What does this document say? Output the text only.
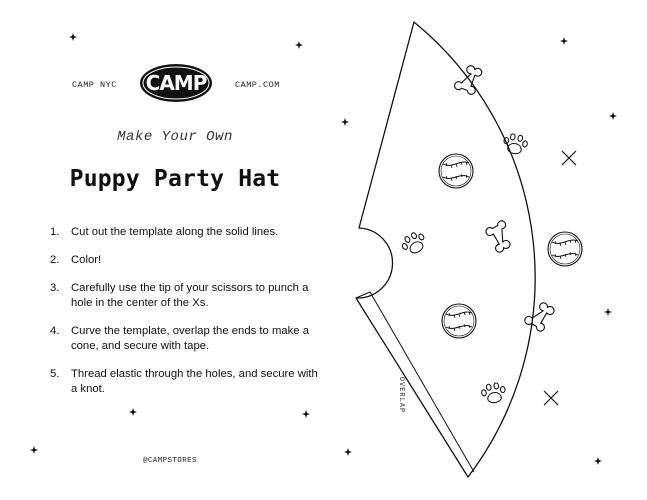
CAMP NYC CAMP	CAMP.COM
Make Your Own
Puppy Party Hat
1.	Cut out the template along the solid lines.
2.	Color!
3.	Carefully use the tip of your scissors to punch a hole in the center of the Xs.
4.	Curve the template, overlap the ends to make a cone, and secure with tape.
5.	Thread elastic through the holes, and secure with a knot.
@CAMPSTORES
OVERLAP
